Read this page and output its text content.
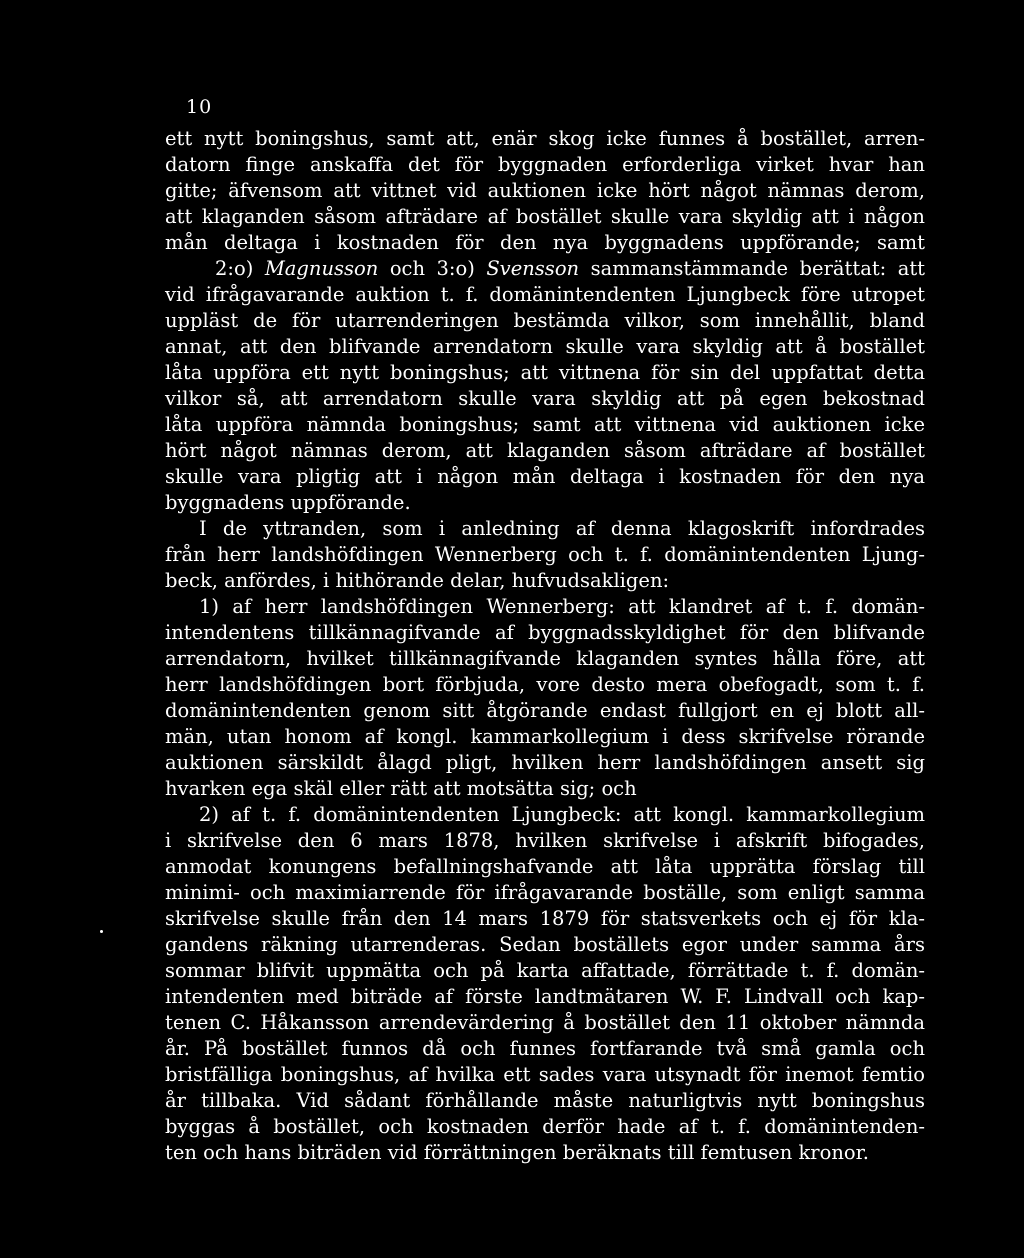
10
ett nytt boningshus, samt att, enär skog icke funnes å bostället, arren-
datorn finge anskaffa det för byggnaden erforderliga virket hvar han
gitte; äfvensom att vittnet vid auktionen icke hört något nämnas derom,
att klaganden såsom afträdare af bostället skulle vara skyldig att i någon
mån deltaga i kostnaden för den nya byggnadens uppförande; samt
2:o) Magnusson och 3:o) Svensson sammanstämmande berättat: att
vid ifrågavarande auktion t. f. domänintendenten Ljungbeck före utropet
uppläst de för utarrenderingen bestämda vilkor, som innehållit, bland
annat, att den blifvande arrendatorn skulle vara skyldig att å bostället
låta uppföra ett nytt boningshus; att vittnena för sin del uppfattat detta
vilkor så, att arrendatorn skulle vara skyldig att på egen bekostnad
låta uppföra nämnda boningshus; samt att vittnena vid auktionen icke
hört något nämnas derom, att klaganden såsom afträdare af bostället
skulle vara pligtig att i någon mån deltaga i kostnaden för den nya
byggnadens uppförande.
I de yttranden, som i anledning af denna klagoskrift infordrades
från herr landshöfdingen Wennerberg och t. f. domänintendenten Ljung-
beck, anfördes, i hithörande delar, hufvudsakligen:
1) af herr landshöfdingen Wennerberg: att klandret af t. f. domän-
intendentens tillkännagifvande af byggnadsskyldighet för den blifvande
arrendatorn, hvilket tillkännagifvande klaganden syntes hålla före, att
herr landshöfdingen bort förbjuda, vore desto mera obefogadt, som t. f.
domänintendenten genom sitt åtgörande endast fullgjort en ej blott all-
män, utan honom af kongl. kammarkollegium i dess skrifvelse rörande
auktionen särskildt ålagd pligt, hvilken herr landshöfdingen ansett sig
hvarken ega skäl eller rätt att motsätta sig; och
2) af t. f. domänintendenten Ljungbeck: att kongl. kammarkollegium
i skrifvelse den 6 mars 1878, hvilken skrifvelse i afskrift bifogades,
anmodat konungens befallningshafvande att låta upprätta förslag till
minimi- och maximiarrende för ifrågavarande boställe, som enligt samma
skrifvelse skulle från den 14 mars 1879 för statsverkets och ej för kla-
gandens räkning utarrenderas. Sedan boställets egor under samma års
sommar blifvit uppmätta och på karta affattade, förrättade t. f. domän-
intendenten med biträde af förste landtmätaren W. F. Lindvall och kap-
tenen C. Håkansson arrendevärdering å bostället den 11 oktober nämnda
år. På bostället funnos då och funnes fortfarande två små gamla och
bristfälliga boningshus, af hvilka ett sades vara utsynadt för inemot femtio
år tillbaka. Vid sådant förhållande måste naturligtvis nytt boningshus
byggas å bostället, och kostnaden derför hade af t. f. domänintenden-
ten och hans biträden vid förrättningen beräknats till femtusen kronor.
